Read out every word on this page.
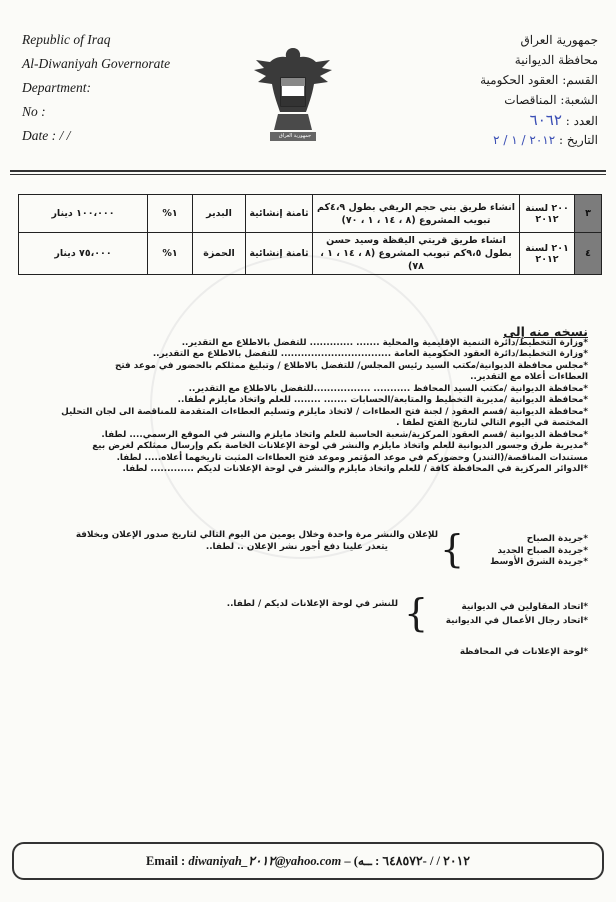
Republic of Iraq
Al-Diwaniyah Governorate
Department:
No :
Date : / /	جمهورية العراق
جمهورية العراق
محافظة الديوانية
القسم: العقود الحكومية
الشعبة: المناقصات
العدد : ٦٠٦٢
التاريخ : ٢٠١٢ / ١ / ٢
٣	٢٠٠ لسنة ٢٠١٢	انشاء طريق بني حجم الريفي بطول ٤،٩كم تبويب المشروع (٨ ، ١٤ ، ١ ، ٧٠)	ثامنة إنشائية	البدير	١%	١٠٠،٠٠٠ دينار
٤	٢٠١ لسنة ٢٠١٢	انشاء طريق قريتي اليقظة وسيد حسن بطول ٩،٥كم تبويب المشروع (٨ ، ١٤ ، ١ ، ٧٨)	ثامنة إنشائية	الحمزة	١%	٧٥،٠٠٠ دينار

نسخه منه إلى

*وزارة التخطيط/دائرة التنمية الإقليمية والمحلية ....... ............. للتفضل بالاطلاع مع التقدير..

*وزارة التخطيط/دائرة العقود الحكومية العامة ................................. للتفضل بالاطلاع مع التقدير..

*مجلس محافظة الديوانية/مكتب السيد رئيس المجلس/ للتفضل بالاطلاع / وتبليغ ممثلكم بالحضور في موعد فتح

العطاءات أعلاه مع التقدير..

*محافظة الديوانية /مكتب السيد المحافظ ........... .................للتفضل بالاطلاع مع التقدير..

*محافظة الديوانية /مديرية التخطيط والمتابعة/الحسابات ....... ........ للعلم واتخاذ مايلزم لطفا..

*محافظة الديوانية /قسم العقود / لجنة فتح العطاءات / لاتخاذ مايلزم وتسليم العطاءات المتقدمة للمناقصة الى لجان التحليل

المختصة في اليوم التالي لتاريخ الفتح لطفا .

*محافظة الديوانية /قسم العقود المركزية/شعبة الحاسبة للعلم واتخاذ مايلزم والنشر في الموقع الرسمي.... لطفا.

*مديرية طرق وجسور الديوانية للعلم واتخاذ مايلزم والنشر في لوحة الإعلانات الخاصة بكم وإرسال ممثلكم لغرض بيع

مستندات المناقصة/(التندر) وحضوركم في موعد المؤتمر وموعد فتح العطاءات المثبت تاريخهما أعلاه..... لطفا.

*الدوائر المركزية في المحافظة كافة / للعلم واتخاذ مايلزم والنشر في لوحة الإعلانات لديكم ............. لطفا.

*جريدة الصباح

*جريدة الصباح الجديد

*جريدة الشرق الأوسط

{

للإعلان والنشر مرة واحدة وخلال يومين من اليوم التالي لتاريخ صدور الإعلان وبخلافة

يتعذر علينا دفع أجور نشر الإعلان .. لطفا..

*اتحاد المقاولين في الديوانية

*اتحاد رجال الأعمال في الديوانية

{
للنشر في لوحة الإعلانات لديكم / لطفا..
*لوحة الإعلانات في المحافظة
Email : diwaniyah_٢٠١٢@yahoo.com – (٢٠١٢ / / -٦٤٨٥٧٢ : ــه
